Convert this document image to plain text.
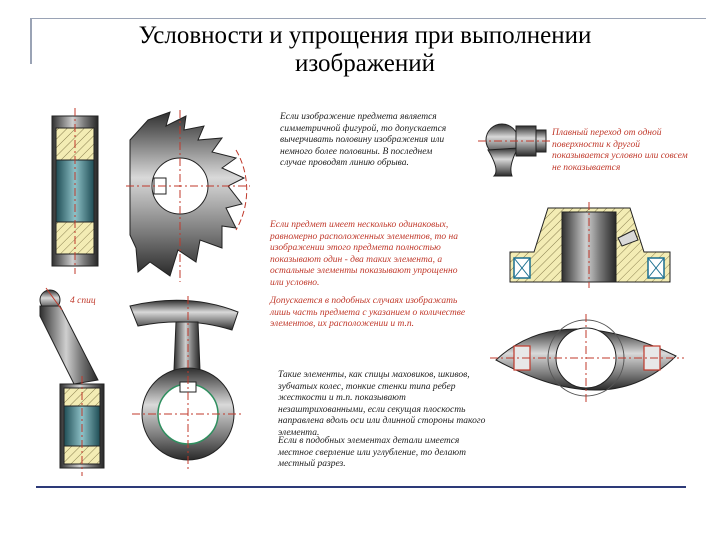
Условности и упрощения при выполнении
изображений
4 спиц

Если изображение предмета является симметричной фигурой, то допускается вычерчивать половину изображения или немного более половины. В последнем случае проводят линию обрыва.

Плавный переход от одной поверхности к другой показывается условно или совсем не показывается

Если предмет имеет несколько одинаковых, равномерно расположенных элементов, то на изображении этого предмета полностью показывают один - два таких элемента, а остальные элементы показывают упрощенно или условно.

Допускается в подобных случаях изображать лишь часть предмета с указанием о количестве элементов, их расположении и т.п.

Такие элементы, как спицы маховиков, шкивов, зубчатых колес, тонкие стенки типа ребер жесткости и т.п. показывают незаштрихованными, если секущая плоскость направлена вдоль оси или длинной стороны такого элемента.

Если в подобных элементах детали имеется местное сверление или углубление, то делают местный разрез.
